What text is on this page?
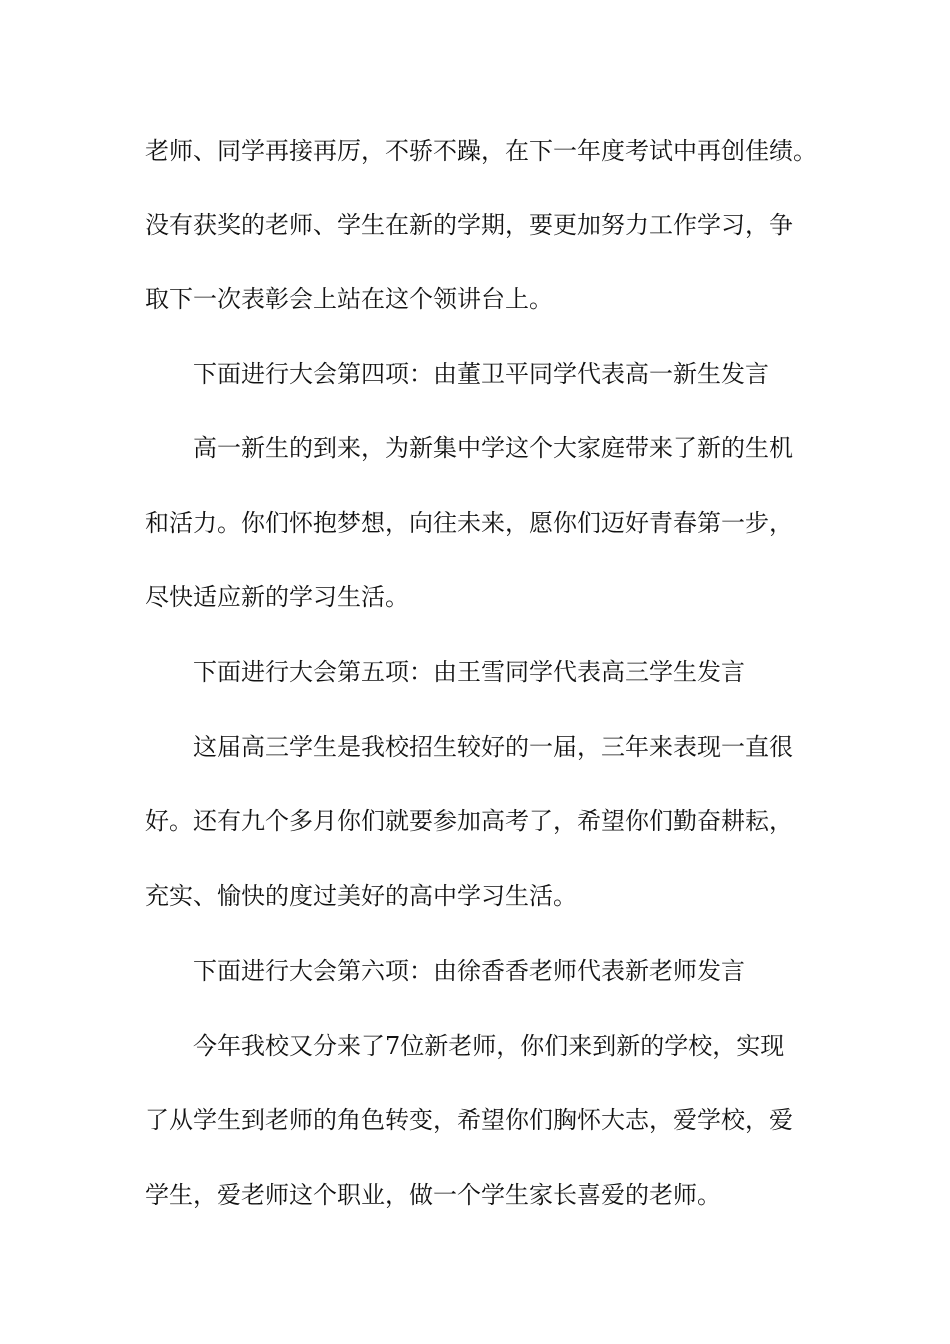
老师、同学再接再厉，不骄不躁，在下一年度考试中再创佳绩。
没有获奖的老师、学生在新的学期，要更加努力工作学习，争
取下一次表彰会上站在这个领讲台上。
下面进行大会第四项：由董卫平同学代表高一新生发言
高一新生的到来，为新集中学这个大家庭带来了新的生机
和活力。你们怀抱梦想，向往未来，愿你们迈好青春第一步，
尽快适应新的学习生活。
下面进行大会第五项：由王雪同学代表高三学生发言
这届高三学生是我校招生较好的一届，三年来表现一直很
好。还有九个多月你们就要参加高考了，希望你们勤奋耕耘，
充实、愉快的度过美好的高中学习生活。
下面进行大会第六项：由徐香香老师代表新老师发言
今年我校又分来了7位新老师，你们来到新的学校，实现
了从学生到老师的角色转变，希望你们胸怀大志，爱学校，爱
学生，爱老师这个职业，做一个学生家长喜爱的老师。
